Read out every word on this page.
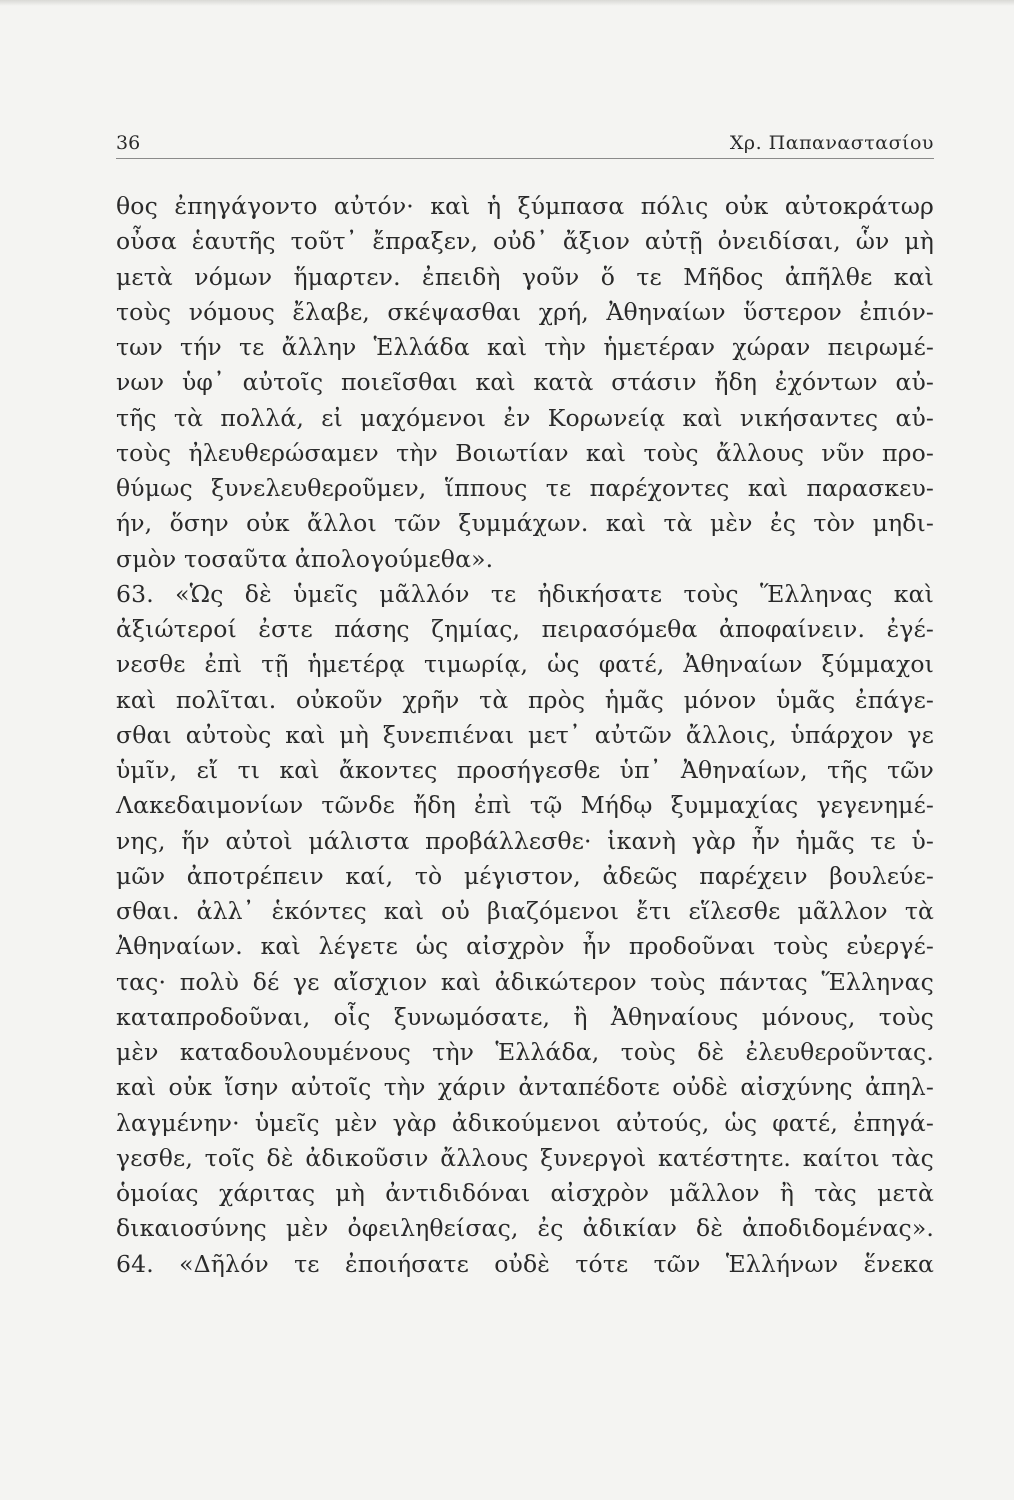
36	Χρ. Παπαναστασίου
θος ἐπηγάγοντο αὐτόν· καὶ ἡ ξύμπασα πόλις οὐκ αὐτοκράτωρ
οὖσα ἑαυτῆς τοῦτ᾽ ἔπραξεν, οὐδ᾽ ἄξιον αὐτῇ ὀνειδίσαι, ὧν μὴ
μετὰ νόμων ἥμαρτεν. ἐπειδὴ γοῦν ὅ τε Μῆδος ἀπῆλθε καὶ
τοὺς νόμους ἔλαβε, σκέψασθαι χρή, Ἀθηναίων ὕστερον ἐπιόν-
των τήν τε ἄλλην Ἑλλάδα καὶ τὴν ἡμετέραν χώραν πειρωμέ-
νων ὑφ᾽ αὐτοῖς ποιεῖσθαι καὶ κατὰ στάσιν ἤδη ἐχόντων αὐ-
τῆς τὰ πολλά, εἰ μαχόμενοι ἐν Κορωνείᾳ καὶ νικήσαντες αὐ-
τοὺς ἠλευθερώσαμεν τὴν Βοιωτίαν καὶ τοὺς ἄλλους νῦν προ-
θύμως ξυνελευθεροῦμεν, ἵππους τε παρέχοντες καὶ παρασκευ-
ήν, ὅσην οὐκ ἄλλοι τῶν ξυμμάχων. καὶ τὰ μὲν ἐς τὸν μηδι-
σμὸν τοσαῦτα ἀπολογούμεθα».
63. «Ὡς δὲ ὑμεῖς μᾶλλόν τε ἠδικήσατε τοὺς Ἕλληνας καὶ
ἀξιώτεροί ἐστε πάσης ζημίας, πειρασόμεθα ἀποφαίνειν. ἐγέ-
νεσθε ἐπὶ τῇ ἡμετέρᾳ τιμωρίᾳ, ὡς φατέ, Ἀθηναίων ξύμμαχοι
καὶ πολῖται. οὐκοῦν χρῆν τὰ πρὸς ἡμᾶς μόνον ὑμᾶς ἐπάγε-
σθαι αὐτοὺς καὶ μὴ ξυνεπιέναι μετ᾽ αὐτῶν ἄλλοις, ὑπάρχον γε
ὑμῖν, εἴ τι καὶ ἄκοντες προσήγεσθε ὑπ᾽ Ἀθηναίων, τῆς τῶν
Λακεδαιμονίων τῶνδε ἤδη ἐπὶ τῷ Μήδῳ ξυμμαχίας γεγενημέ-
νης, ἥν αὐτοὶ μάλιστα προβάλλεσθε· ἱκανὴ γὰρ ἦν ἡμᾶς τε ὑ-
μῶν ἀποτρέπειν καί, τὸ μέγιστον, ἀδεῶς παρέχειν βουλεύε-
σθαι. ἀλλ᾽ ἑκόντες καὶ οὐ βιαζόμενοι ἔτι εἵλεσθε μᾶλλον τὰ
Ἀθηναίων. καὶ λέγετε ὡς αἰσχρὸν ἦν προδοῦναι τοὺς εὐεργέ-
τας· πολὺ δέ γε αἴσχιον καὶ ἀδικώτερον τοὺς πάντας Ἕλληνας
καταπροδοῦναι, οἷς ξυνωμόσατε, ἢ Ἀθηναίους μόνους, τοὺς
μὲν καταδουλουμένους τὴν Ἑλλάδα, τοὺς δὲ ἐλευθεροῦντας.
καὶ οὐκ ἴσην αὐτοῖς τὴν χάριν ἀνταπέδοτε οὐδὲ αἰσχύνης ἀπηλ-
λαγμένην· ὑμεῖς μὲν γὰρ ἀδικούμενοι αὐτούς, ὡς φατέ, ἐπηγά-
γεσθε, τοῖς δὲ ἀδικοῦσιν ἄλλους ξυνεργοὶ κατέστητε. καίτοι τὰς
ὁμοίας χάριτας μὴ ἀντιδιδόναι αἰσχρὸν μᾶλλον ἢ τὰς μετὰ
δικαιοσύνης μὲν ὀφειληθείσας, ἐς ἀδικίαν δὲ ἀποδιδομένας».
64. «Δῆλόν τε ἐποιήσατε οὐδὲ τότε τῶν Ἑλλήνων ἕνεκα
